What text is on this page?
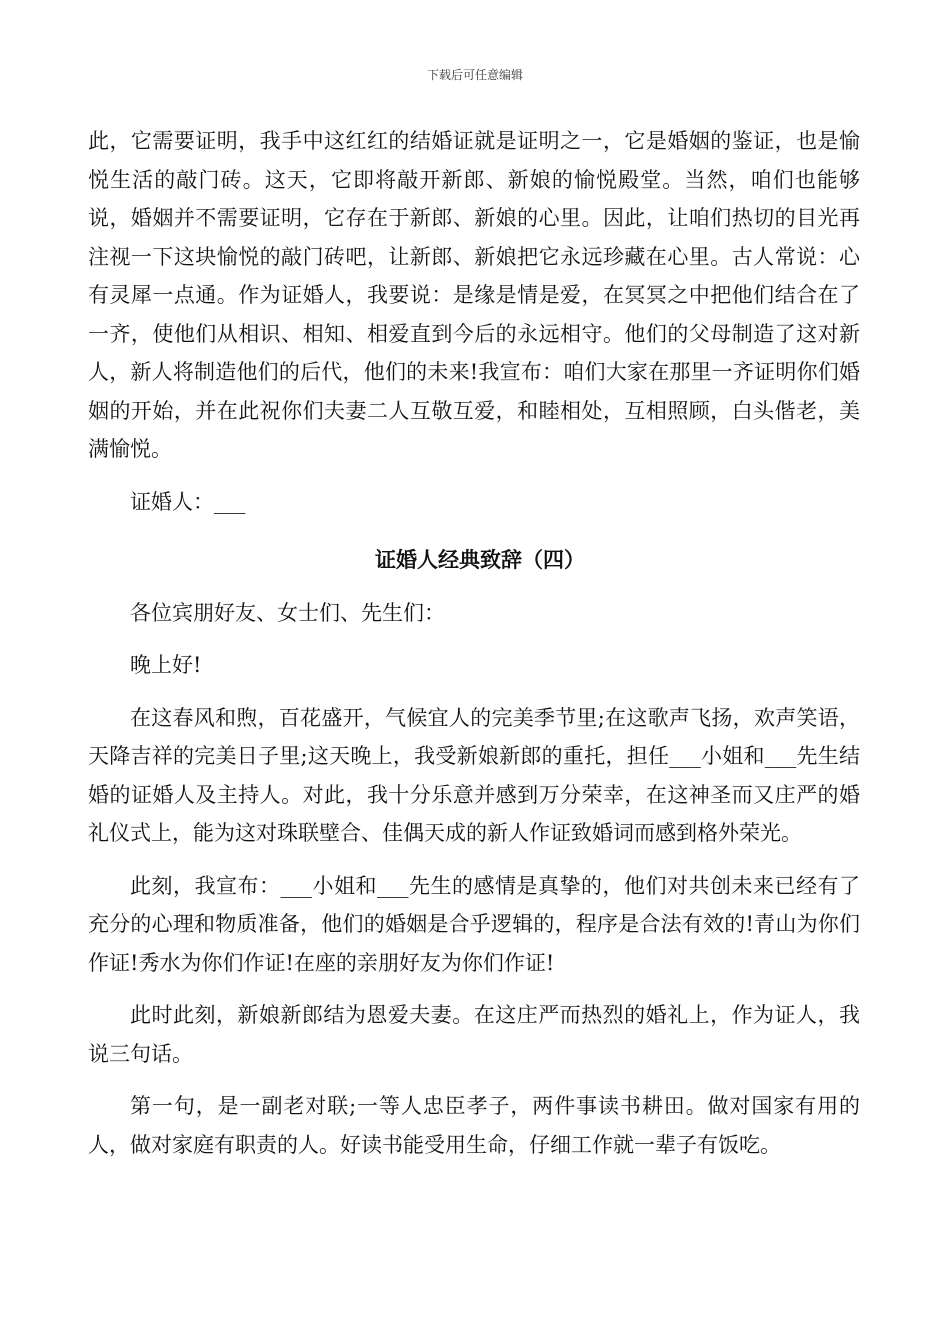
下载后可任意编辑

此，它需要证明，我手中这红红的结婚证就是证明之一，它是婚姻的鉴证，也是愉悦生活的敲门砖。这天，它即将敲开新郎、新娘的愉悦殿堂。当然，咱们也能够说，婚姻并不需要证明，它存在于新郎、新娘的心里。因此，让咱们热切的目光再注视一下这块愉悦的敲门砖吧，让新郎、新娘把它永远珍藏在心里。古人常说：心有灵犀一点通。作为证婚人，我要说：是缘是情是爱，在冥冥之中把他们结合在了一齐，使他们从相识、相知、相爱直到今后的永远相守。他们的父母制造了这对新人，新人将制造他们的后代，他们的未来!我宣布：咱们大家在那里一齐证明你们婚姻的开始，并在此祝你们夫妻二人互敬互爱，和睦相处，互相照顾，白头偕老，美满愉悦。

证婚人：___

证婚人经典致辞（四）

各位宾朋好友、女士们、先生们：

晚上好!

在这春风和煦，百花盛开，气候宜人的完美季节里;在这歌声飞扬，欢声笑语，天降吉祥的完美日子里;这天晚上，我受新娘新郎的重托，担任___小姐和___先生结婚的证婚人及主持人。对此，我十分乐意并感到万分荣幸，在这神圣而又庄严的婚礼仪式上，能为这对珠联壁合、佳偶天成的新人作证致婚词而感到格外荣光。

此刻，我宣布：___小姐和___先生的感情是真挚的，他们对共创未来已经有了充分的心理和物质准备，他们的婚姻是合乎逻辑的，程序是合法有效的!青山为你们作证!秀水为你们作证!在座的亲朋好友为你们作证!

此时此刻，新娘新郎结为恩爱夫妻。在这庄严而热烈的婚礼上，作为证人，我说三句话。

第一句，是一副老对联;一等人忠臣孝子，两件事读书耕田。做对国家有用的人，做对家庭有职责的人。好读书能受用生命，仔细工作就一辈子有饭吃。
